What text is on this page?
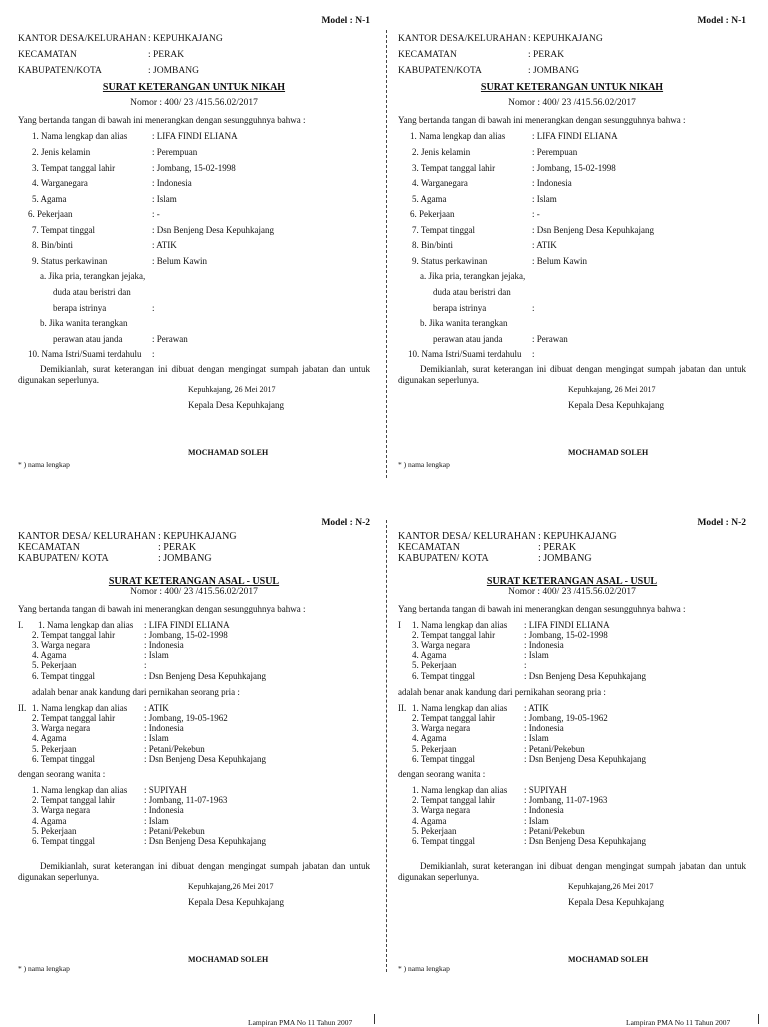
Model : N-1
KANTOR DESA/KELURAHAN : KEPUHKAJANG
KECAMATAN	: PERAK
KABUPATEN/KOTA	: JOMBANG
SURAT KETERANGAN UNTUK NIKAH
Nomor : 400/ 23 /415.56.02/2017
Yang bertanda tangan di bawah ini menerangkan dengan sesungguhnya bahwa :
1. Nama lengkap dan alias	: LIFA FINDI ELIANA
2. Jenis kelamin	: Perempuan
3. Tempat tanggal lahir	: Jombang, 15-02-1998
4. Warganegara	: Indonesia
5. Agama	: Islam
6. Pekerjaan	: -
7. Tempat tinggal	: Dsn Benjeng Desa Kepuhkajang
8. Bin/binti	: ATIK
9. Status perkawinan	: Belum Kawin
a. Jika pria, terangkan jejaka,
duda atau beristri dan
berapa istrinya	:
b. Jika wanita terangkan
perawan atau janda	: Perawan
10. Nama Istri/Suami terdahulu :
Demikianlah, surat keterangan ini dibuat dengan mengingat sumpah jabatan dan untuk digunakan seperlunya.
Kepuhkajang, 26 Mei 2017
Kepala Desa Kepuhkajang
MOCHAMAD SOLEH
* ) nama lengkap
Model : N-1
KANTOR DESA/KELURAHAN : KEPUHKAJANG
KECAMATAN	: PERAK
KABUPATEN/KOTA	: JOMBANG
SURAT KETERANGAN UNTUK NIKAH
Nomor : 400/ 23 /415.56.02/2017
Yang bertanda tangan di bawah ini menerangkan dengan sesungguhnya bahwa :
1. Nama lengkap dan alias	: LIFA FINDI ELIANA
2. Jenis kelamin	: Perempuan
3. Tempat tanggal lahir	: Jombang, 15-02-1998
4. Warganegara	: Indonesia
5. Agama	: Islam
6. Pekerjaan	: -
7. Tempat tinggal	: Dsn Benjeng Desa Kepuhkajang
8. Bin/binti	: ATIK
9. Status perkawinan	: Belum Kawin
a. Jika pria, terangkan jejaka,
duda atau beristri dan
berapa istrinya	:
b. Jika wanita terangkan
perawan atau janda	: Perawan
10. Nama Istri/Suami terdahulu :
Demikianlah, surat keterangan ini dibuat dengan mengingat sumpah jabatan dan untuk digunakan seperlunya.
Kepuhkajang, 26 Mei 2017
Kepala Desa Kepuhkajang
MOCHAMAD SOLEH
* ) nama lengkap
Model : N-2
KANTOR DESA/ KELURAHAN : KEPUHKAJANG
KECAMATAN	: PERAK
KABUPATEN/ KOTA	: JOMBANG
SURAT KETERANGAN ASAL - USUL
Nomor : 400/ 23 /415.56.02/2017
Yang bertanda tangan di bawah ini menerangkan dengan sesungguhnya bahwa :
I. 1. Nama lengkap dan alias : LIFA FINDI ELIANA
2. Tempat tanggal lahir	: Jombang, 15-02-1998
3. Warga negara	: Indonesia
4. Agama	: Islam
5. Pekerjaan	:
6. Tempat tinggal	: Dsn Benjeng Desa Kepuhkajang
adalah benar anak kandung dari pernikahan seorang pria :
II. 1. Nama lengkap dan alias : ATIK
2. Tempat tanggal lahir	: Jombang, 19-05-1962
3. Warga negara	: Indonesia
4. Agama	: Islam
5. Pekerjaan	: Petani/Pekebun
6. Tempat tinggal	: Dsn Benjeng Desa Kepuhkajang
dengan seorang wanita :
1. Nama lengkap dan alias : SUPIYAH
2. Tempat tanggal lahir	: Jombang, 11-07-1963
3. Warga negara	: Indonesia
4. Agama	: Islam
5. Pekerjaan	: Petani/Pekebun
6. Tempat tinggal	: Dsn Benjeng Desa Kepuhkajang
Demikianlah, surat keterangan ini dibuat dengan mengingat sumpah jabatan dan untuk digunakan seperlunya.
Kepuhkajang,26 Mei 2017
Kepala Desa Kepuhkajang
MOCHAMAD SOLEH
* ) nama lengkap
Model : N-2
KANTOR DESA/ KELURAHAN : KEPUHKAJANG
KECAMATAN	: PERAK
KABUPATEN/ KOTA	: JOMBANG
SURAT KETERANGAN ASAL - USUL
Nomor : 400/ 23 /415.56.02/2017
Yang bertanda tangan di bawah ini menerangkan dengan sesungguhnya bahwa :
I 1. Nama lengkap dan alias : LIFA FINDI ELIANA
2. Tempat tanggal lahir	: Jombang, 15-02-1998
3. Warga negara	: Indonesia
4. Agama	: Islam
5. Pekerjaan	:
6. Tempat tinggal	: Dsn Benjeng Desa Kepuhkajang
adalah benar anak kandung dari pernikahan seorang pria :
II. 1. Nama lengkap dan alias : ATIK
2. Tempat tanggal lahir	: Jombang, 19-05-1962
3. Warga negara	: Indonesia
4. Agama	: Islam
5. Pekerjaan	: Petani/Pekebun
6. Tempat tinggal	: Dsn Benjeng Desa Kepuhkajang
dengan seorang wanita :
1. Nama lengkap dan alias : SUPIYAH
2. Tempat tanggal lahir	: Jombang, 11-07-1963
3. Warga negara	: Indonesia
4. Agama	: Islam
5. Pekerjaan	: Petani/Pekebun
6. Tempat tinggal	: Dsn Benjeng Desa Kepuhkajang
Demikianlah, surat keterangan ini dibuat dengan mengingat sumpah jabatan dan untuk digunakan seperlunya.
Kepuhkajang,26 Mei 2017
Kepala Desa Kepuhkajang
MOCHAMAD SOLEH
* ) nama lengkap
Lampiran PMA No 11 Tahun 2007	Lampiran PMA No 11 Tahun 2007
